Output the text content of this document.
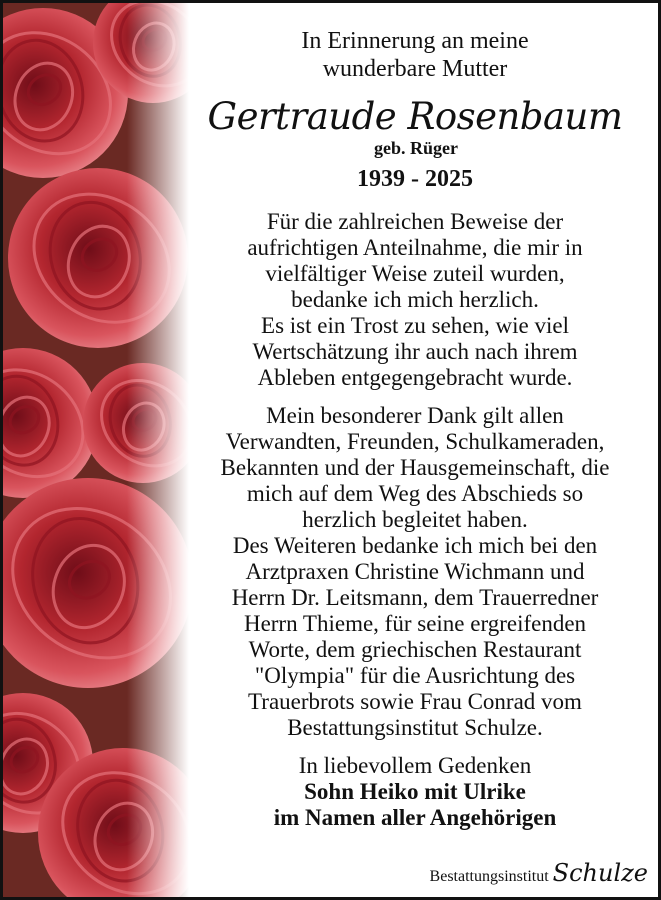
In Erinnerung an meine
wunderbare Mutter
Gertraude Rosenbaum
geb. Rüger
1939 - 2025
Für die zahlreichen Beweise der
aufrichtigen Anteilnahme, die mir in
vielfältiger Weise zuteil wurden,
bedanke ich mich herzlich.
Es ist ein Trost zu sehen, wie viel
Wertschätzung ihr auch nach ihrem
Ableben entgegengebracht wurde.
Mein besonderer Dank gilt allen
Verwandten, Freunden, Schulkameraden,
Bekannten und der Hausgemeinschaft, die
mich auf dem Weg des Abschieds so
herzlich begleitet haben.
Des Weiteren bedanke ich mich bei den
Arztpraxen Christine Wichmann und
Herrn Dr. Leitsmann, dem Trauerredner
Herrn Thieme, für seine ergreifenden
Worte, dem griechischen Restaurant
"Olympia" für die Ausrichtung des
Trauerbrots sowie Frau Conrad vom
Bestattungsinstitut Schulze.
In liebevollem Gedenken
Sohn Heiko mit Ulrike
im Namen aller Angehörigen
Bestattungsinstitut Schulze
